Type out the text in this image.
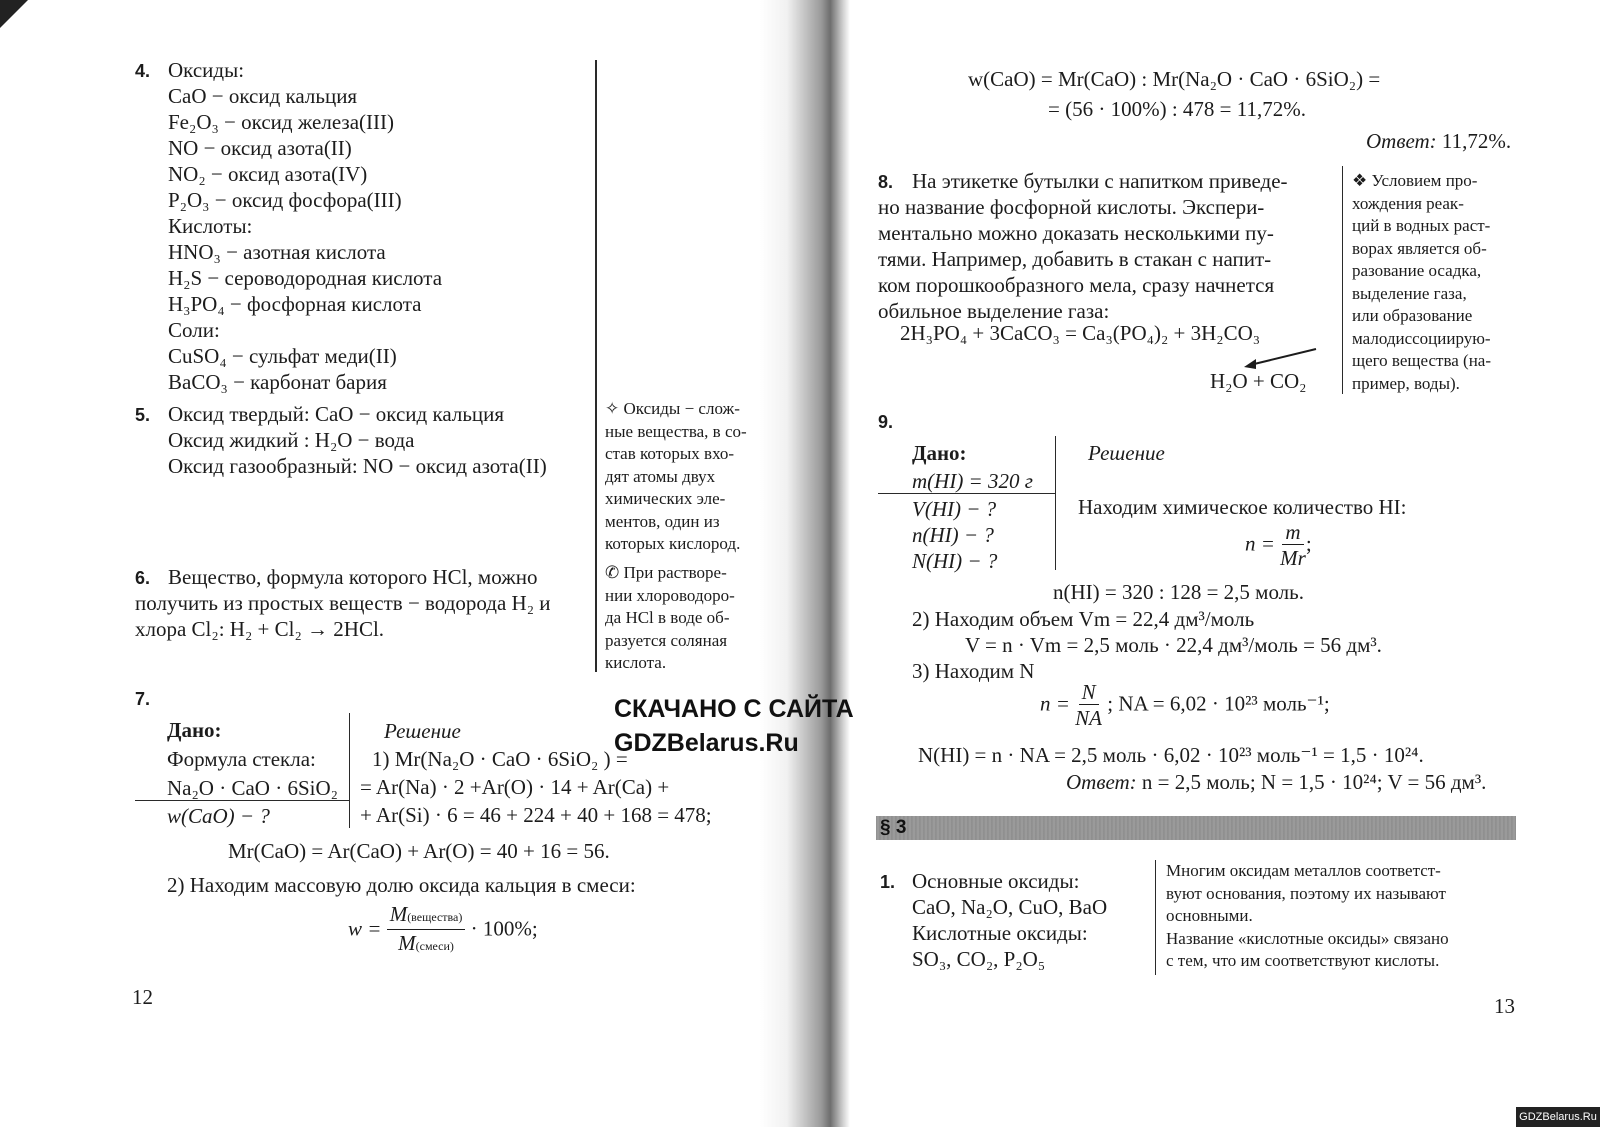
4. Оксиды:
CaO − оксид кальция
Fe₂O₃ − оксид железа(III)
NO − оксид азота(II)
NO₂ − оксид азота(IV)
P₂O₃ − оксид фосфора(III)
Кислоты:
HNO₃ − азотная кислота
H₂S − сероводородная кислота
H₃PO₄ − фосфорная кислота
Соли:
CuSO₄ − сульфат меди(II)
BaCO₃ − карбонат бария
5. Оксид твердый: CaO − оксид кальция
Оксид жидкий : H₂O − вода
Оксид газообразный: NO − оксид азота(II)
✧ Оксиды − слож-
ные вещества, в со-
став которых вхо-
дят атомы двух
химических эле-
ментов, один из
которых кислород.
6. Вещество, формула которого HCl, можно
получить из простых веществ − водорода H₂ и
хлора Cl₂: H₂ + Cl₂ → 2HCl.
✆ При растворе-
нии хлороводоро-
да HCl в воде об-
разуется соляная
кислота.
7.
Дано:
Формула стекла:
Na₂O · CaO · 6SiO₂
w(CaO) − ?
Решение
1) Mr(Na₂O · CaO · 6SiO₂ ) =
= Ar(Na) · 2 +Ar(O) · 14 + Ar(Ca) +
+ Ar(Si) · 6 = 46 + 224 + 40 + 168 = 478;
Mr(CaO) = Ar(CaO) + Ar(O) = 40 + 16 = 56.
2) Находим массовую долю оксида кальция в смеси:
$w = \frac{\text{M(вещества)}}{\text{M(смеси)}} \cdot 100\%$;
12
СКАЧАНО С САЙТА
GDZBelarus.Ru
w(CaO) = Mr(CaO) : Mr(Na₂O · CaO · 6SiO₂) =
= (56 · 100%) : 478 = 11,72%.
Ответ: 11,72%.
8. На этикетке бутылки с напитком приведе-
но название фосфорной кислоты. Экспери-
ментально можно доказать несколькими пу-
тями. Например, добавить в стакан с напит-
ком порошкообразного мела, сразу начнется
обильное выделение газа:
2H₃PO₄ + 3CaCO₃ = Ca₃(PO₄)₂ + 3H₂CO₃
H₂O + CO₂
❖ Условием про-
хождения реак-
ций в водных раст-
ворах является об-
разование осадка,
выделение газа,
или образование
малодиссоциирую-
щего вещества (на-
пример, воды).
9.
Дано:
m(HI) = 320 г
V(HI) − ?
n(HI) − ?
N(HI) − ?
Решение
Находим химическое количество HI:
$n = \frac{m}{Mr}$ ;
n(HI) = 320 : 128 = 2,5 моль.
2) Находим объем Vm = 22,4 дм³/моль
V = n · Vm = 2,5 моль · 22,4 дм³/моль = 56 дм³.
3) Находим N
$n = \frac{N}{NA}$ ; NA = 6,02 · 10²³ моль⁻¹;
N(HI) = n · NA = 2,5 моль · 6,02 · 10²³ моль⁻¹ = 1,5 · 10²⁴.
Ответ: n = 2,5 моль; N = 1,5 · 10²⁴; V = 56 дм³.
§ 3
1. Основные оксиды:
CaO, Na₂O, CuO, BaO
Кислотные оксиды:
SO₃, CO₂, P₂O₅
Многим оксидам металлов соответст-
вуют основания, поэтому их называют
основными.
Название «кислотные оксиды» связано
с тем, что им соответствуют кислоты.
13
GDZBelarus.Ru
